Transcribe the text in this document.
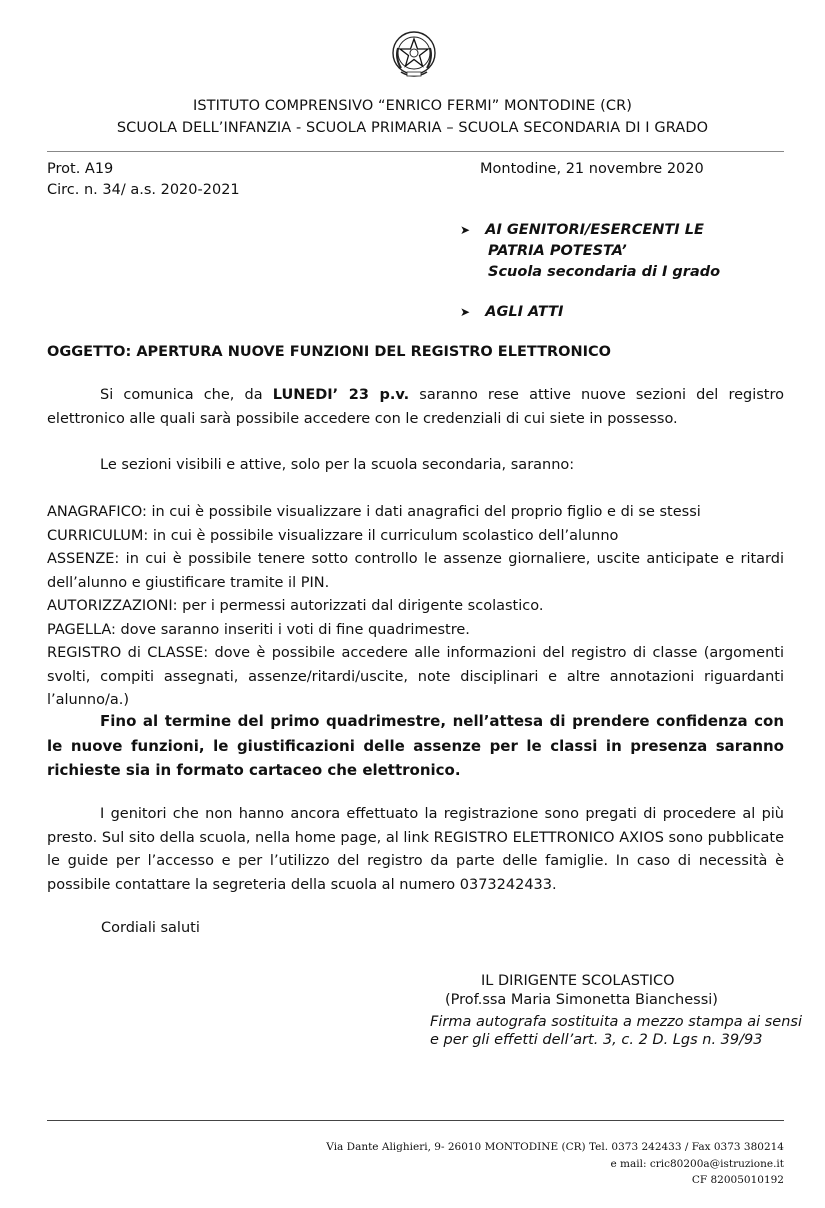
ISTITUTO COMPRENSIVO “ENRICO FERMI” MONTODINE (CR)
SCUOLA DELL’INFANZIA - SCUOLA PRIMARIA – SCUOLA SECONDARIA DI I GRADO
Prot. A19
Circ. n. 34/ a.s. 2020-2021
Montodine, 21 novembre 2020
➤ AI GENITORI/ESERCENTI LE
PATRIA POTESTA’
Scuola secondaria di I grado
➤ AGLI ATTI
OGGETTO: APERTURA NUOVE FUNZIONI DEL REGISTRO ELETTRONICO
Si comunica che, da LUNEDI’ 23 p.v. saranno rese attive nuove sezioni del registro elettronico alle quali sarà possibile accedere con le credenziali di cui siete in possesso.
Le sezioni visibili e attive, solo per la scuola secondaria, saranno:
ANAGRAFICO: in cui è possibile visualizzare i dati anagrafici del proprio figlio e di se stessi
CURRICULUM: in cui è possibile visualizzare il curriculum scolastico dell’alunno
ASSENZE: in cui è possibile tenere sotto controllo le assenze giornaliere, uscite anticipate e ritardi dell’alunno e giustificare tramite il PIN.
AUTORIZZAZIONI: per i permessi autorizzati dal dirigente scolastico.
PAGELLA: dove saranno inseriti i voti di fine quadrimestre.
REGISTRO di CLASSE: dove è possibile accedere alle informazioni del registro di classe (argomenti svolti, compiti assegnati, assenze/ritardi/uscite, note disciplinari e altre annotazioni riguardanti l’alunno/a.)
Fino al termine del primo quadrimestre, nell’attesa di prendere confidenza con le nuove funzioni, le giustificazioni delle assenze per le classi in presenza saranno richieste sia in formato cartaceo che elettronico.
I genitori che non hanno ancora effettuato la registrazione sono pregati di procedere al più presto. Sul sito della scuola, nella home page, al link REGISTRO ELETTRONICO AXIOS sono pubblicate le guide per l’accesso e per l’utilizzo del registro da parte delle famiglie. In caso di necessità è possibile contattare la segreteria della scuola al numero 0373242433.
Cordiali saluti
IL DIRIGENTE SCOLASTICO
(Prof.ssa Maria Simonetta Bianchessi)
Firma autografa sostituita a mezzo stampa ai sensi
e per gli effetti dell’art. 3, c. 2 D. Lgs n. 39/93
Via Dante Alighieri, 9- 26010 MONTODINE (CR) Tel. 0373 242433 / Fax 0373 380214
e mail: cric80200a@istruzione.it
CF 82005010192
